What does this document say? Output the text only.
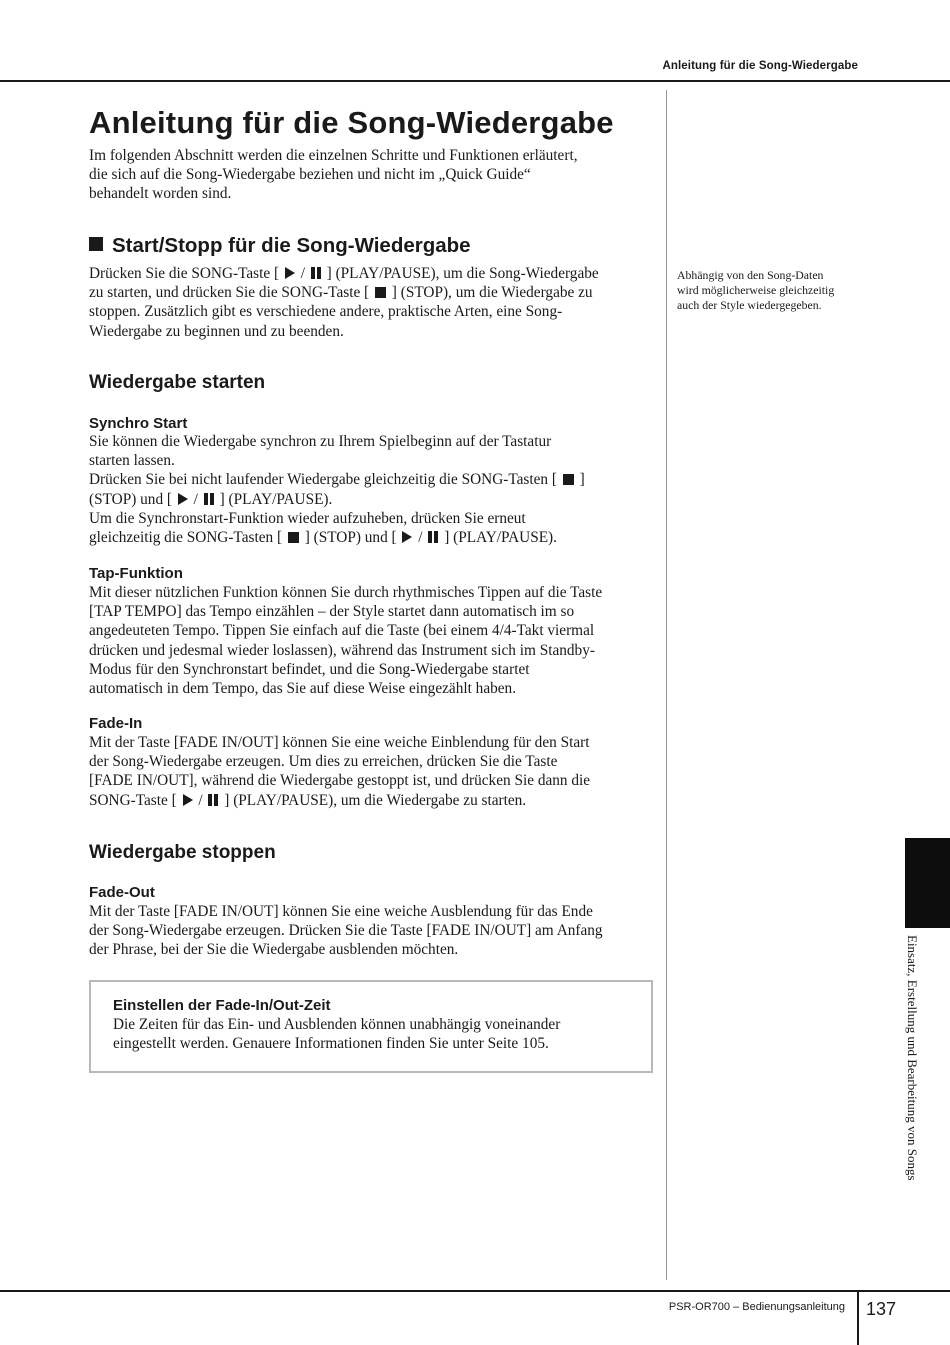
Anleitung für die Song-Wiedergabe
Anleitung für die Song-Wiedergabe

Im folgenden Abschnitt werden die einzelnen Schritte und Funktionen erläutert,

die sich auf die Song-Wiedergabe beziehen und nicht im „Quick Guide“

behandelt worden sind.

Start/Stopp für die Song-Wiedergabe

Drücken Sie die SONG-Taste [  /  ] (PLAY/PAUSE), um die Song-Wiedergabe

zu starten, und drücken Sie die SONG-Taste [  ] (STOP), um die Wiedergabe zu

stoppen. Zusätzlich gibt es verschiedene andere, praktische Arten, eine Song-

Wiedergabe zu beginnen und zu beenden.

Abhängig von den Song-Daten
wird möglicherweise gleichzeitig
auch der Style wiedergegeben.

Wiedergabe starten
Synchro Start

Sie können die Wiedergabe synchron zu Ihrem Spielbeginn auf der Tastatur

starten lassen.

Drücken Sie bei nicht laufender Wiedergabe gleichzeitig die SONG-Tasten [  ]

(STOP) und [  /  ] (PLAY/PAUSE).

Um die Synchronstart-Funktion wieder aufzuheben, drücken Sie erneut

gleichzeitig die SONG-Tasten [  ] (STOP) und [  /  ] (PLAY/PAUSE).

Tap-Funktion

Mit dieser nützlichen Funktion können Sie durch rhythmisches Tippen auf die Taste

[TAP TEMPO] das Tempo einzählen – der Style startet dann automatisch im so

angedeuteten Tempo. Tippen Sie einfach auf die Taste (bei einem 4/4-Takt viermal

drücken und jedesmal wieder loslassen), während das Instrument sich im Standby-

Modus für den Synchronstart befindet, und die Song-Wiedergabe startet

automatisch in dem Tempo, das Sie auf diese Weise eingezählt haben.

Fade-In

Mit der Taste [FADE IN/OUT] können Sie eine weiche Einblendung für den Start

der Song-Wiedergabe erzeugen. Um dies zu erreichen, drücken Sie die Taste

[FADE IN/OUT], während die Wiedergabe gestoppt ist, und drücken Sie dann die

SONG-Taste [  /  ] (PLAY/PAUSE), um die Wiedergabe zu starten.

Wiedergabe stoppen
Fade-Out

Mit der Taste [FADE IN/OUT] können Sie eine weiche Ausblendung für das Ende

der Song-Wiedergabe erzeugen. Drücken Sie die Taste [FADE IN/OUT] am Anfang

der Phrase, bei der Sie die Wiedergabe ausblenden möchten.

Einstellen der Fade-In/Out-Zeit

Die Zeiten für das Ein- und Ausblenden können unabhängig voneinander
eingestellt werden. Genauere Informationen finden Sie unter Seite 105.	Einsatz, Erstellung und Bearbeitung von Songs
PSR-OR700 – Bedienungsanleitung 137
